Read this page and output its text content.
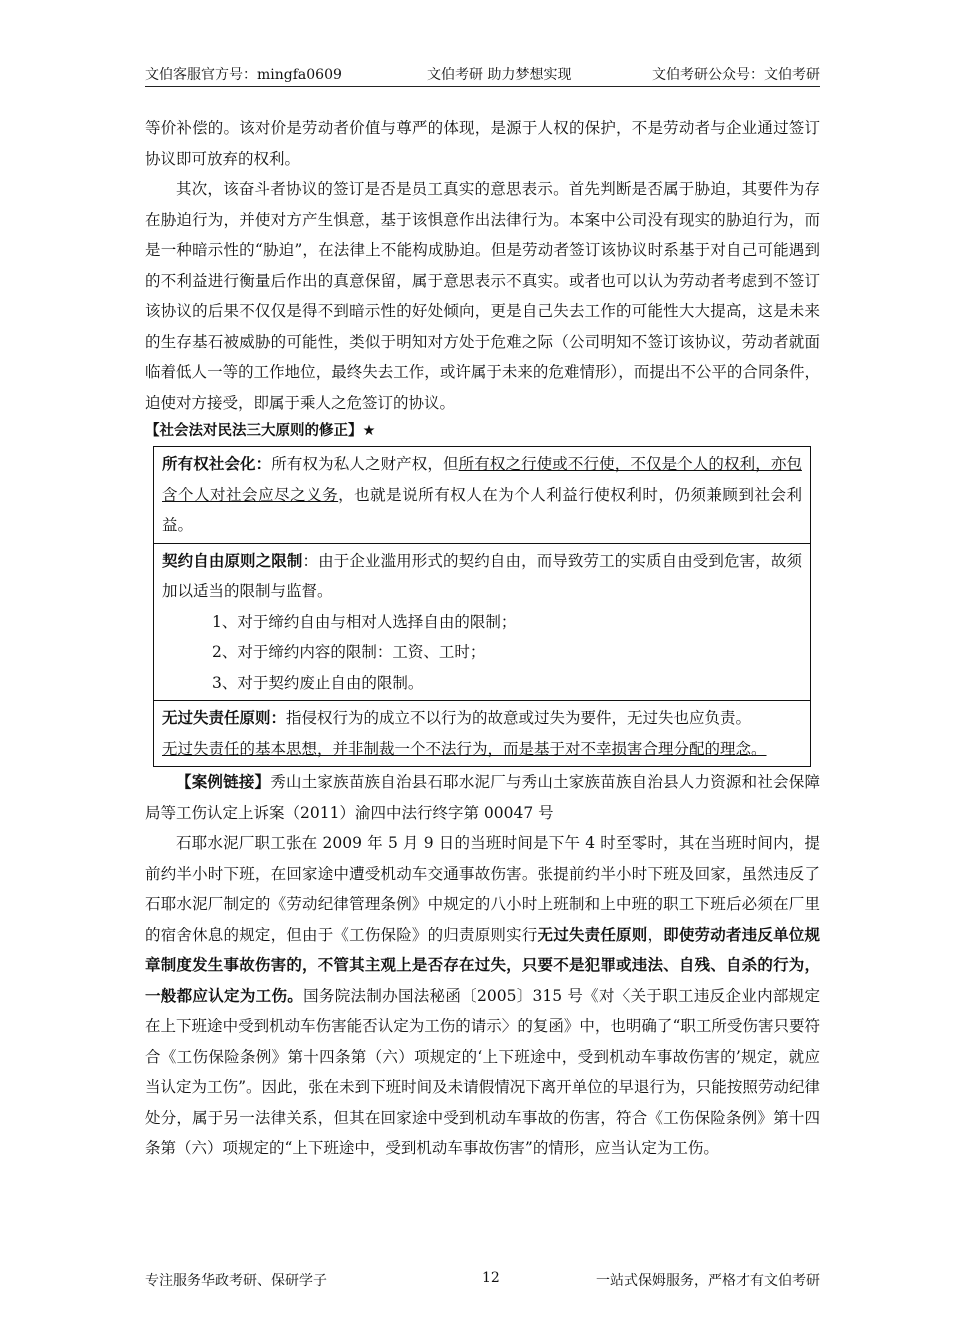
文伯客服官方号：mingfa0609	文伯考研 助力梦想实现	文伯考研公众号：文伯考研

等价补偿的。该对价是劳动者价值与尊严的体现，是源于人权的保护，不是劳动者与企业通过签订协议即可放弃的权利。

其次，该奋斗者协议的签订是否是员工真实的意思表示。首先判断是否属于胁迫，其要件为存在胁迫行为，并使对方产生惧意，基于该惧意作出法律行为。本案中公司没有现实的胁迫行为，而是一种暗示性的“胁迫”，在法律上不能构成胁迫。但是劳动者签订该协议时系基于对自己可能遇到的不利益进行衡量后作出的真意保留，属于意思表示不真实。或者也可以认为劳动者考虑到不签订该协议的后果不仅仅是得不到暗示性的好处倾向，更是自己失去工作的可能性大大提高，这是未来的生存基石被威胁的可能性，类似于明知对方处于危难之际（公司明知不签订该协议，劳动者就面临着低人一等的工作地位，最终失去工作，或许属于未来的危难情形），而提出不公平的合同条件，迫使对方接受，即属于乘人之危签订的协议。

【社会法对民法三大原则的修正】★

所有权社会化：所有权为私人之财产权，但所有权之行使或不行使，不仅是个人的权利，亦包含个人对社会应尽之义务，也就是说所有权人在为个人利益行使权利时，仍须兼顾到社会利益。

契约自由原则之限制：由于企业滥用形式的契约自由，而导致劳工的实质自由受到危害，故须加以适当的限制与监督。
1、对于缔约自由与相对人选择自由的限制；
2、对于缔约内容的限制：工资、工时；
3、对于契约废止自由的限制。

无过失责任原则：指侵权行为的成立不以行为的故意或过失为要件，无过失也应负责。
无过失责任的基本思想，并非制裁一个不法行为，而是基于对不幸损害合理分配的理念。

【案例链接】秀山土家族苗族自治县石耶水泥厂与秀山土家族苗族自治县人力资源和社会保障局等工伤认定上诉案（2011）渝四中法行终字第 00047 号

石耶水泥厂职工张在 2009 年 5 月 9 日的当班时间是下午 4 时至零时，其在当班时间内，提前约半小时下班，在回家途中遭受机动车交通事故伤害。张提前约半小时下班及回家，虽然违反了石耶水泥厂制定的《劳动纪律管理条例》中规定的八小时上班制和上中班的职工下班后必须在厂里的宿舍休息的规定，但由于《工伤保险》的归责原则实行无过失责任原则，即使劳动者违反单位规章制度发生事故伤害的，不管其主观上是否存在过失，只要不是犯罪或违法、自残、自杀的行为，一般都应认定为工伤。国务院法制办国法秘函〔2005〕315 号《对〈关于职工违反企业内部规定在上下班途中受到机动车伤害能否认定为工伤的请示〉的复函》中，也明确了“职工所受伤害只要符合《工伤保险条例》第十四条第（六）项规定的‘上下班途中，受到机动车事故伤害的’规定，就应当认定为工伤”。因此，张在未到下班时间及未请假情况下离开单位的早退行为，只能按照劳动纪律处分，属于另一法律关系，但其在回家途中受到机动车事故的伤害，符合《工伤保险条例》第十四条第（六）项规定的“上下班途中，受到机动车事故伤害”的情形，应当认定为工伤。

专注服务华政考研、保研学子	12	一站式保姆服务，严格才有文伯考研
